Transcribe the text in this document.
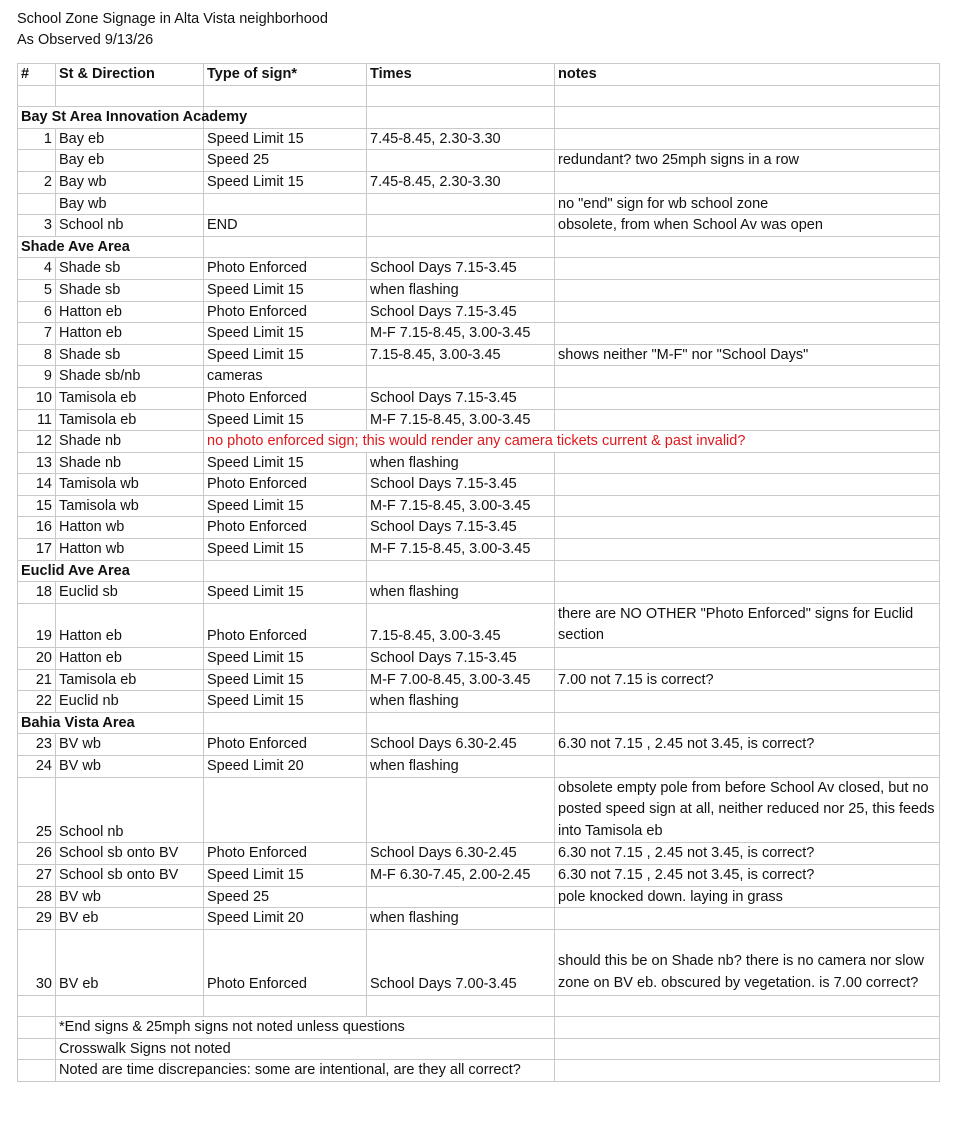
School Zone Signage in Alta Vista neighborhood
As Observed 9/13/26
#	St & Direction	Type of sign*	Times	notes

Bay St Area Innovation Academy				
1	Bay eb	Speed Limit 15	7.45-8.45, 2.30-3.30	
	Bay eb	Speed 25		redundant? two 25mph signs in a row
2	Bay wb	Speed Limit 15	7.45-8.45, 2.30-3.30	
	Bay wb			no "end" sign for wb school zone
3	School nb	END		obsolete, from when School Av was open
Shade Ave Area				
4	Shade sb	Photo Enforced	School Days 7.15-3.45	
5	Shade sb	Speed Limit 15	when flashing	
6	Hatton eb	Photo Enforced	School Days 7.15-3.45	
7	Hatton eb	Speed Limit 15	M-F 7.15-8.45, 3.00-3.45	
8	Shade sb	Speed Limit 15	7.15-8.45, 3.00-3.45	shows neither "M-F" nor "School Days"
9	Shade sb/nb	cameras		
10	Tamisola eb	Photo Enforced	School Days 7.15-3.45	
11	Tamisola eb	Speed Limit 15	M-F 7.15-8.45, 3.00-3.45	
12	Shade nb	no photo enforced sign; this would render any camera tickets current & past invalid?		
13	Shade nb	Speed Limit 15	when flashing	
14	Tamisola wb	Photo Enforced	School Days 7.15-3.45	
15	Tamisola wb	Speed Limit 15	M-F 7.15-8.45, 3.00-3.45	
16	Hatton wb	Photo Enforced	School Days 7.15-3.45	
17	Hatton wb	Speed Limit 15	M-F 7.15-8.45, 3.00-3.45	
Euclid Ave Area				
18	Euclid sb	Speed Limit 15	when flashing	
19	Hatton eb	Photo Enforced	7.15-8.45, 3.00-3.45	there are NO OTHER "Photo Enforced" signs for Euclid section
20	Hatton eb	Speed Limit 15	School Days 7.15-3.45	
21	Tamisola eb	Speed Limit 15	M-F 7.00-8.45, 3.00-3.45	7.00 not 7.15 is correct?
22	Euclid nb	Speed Limit 15	when flashing	
Bahia Vista Area				
23	BV wb	Photo Enforced	School Days 6.30-2.45	6.30 not 7.15 , 2.45 not 3.45, is correct?
24	BV wb	Speed Limit 20	when flashing	
25	School nb			obsolete empty pole from before School Av closed, but no posted speed sign at all, neither reduced nor 25, this feeds into Tamisola eb
26	School sb onto BV	Photo Enforced	School Days 6.30-2.45	6.30 not 7.15 , 2.45 not 3.45, is correct?
27	School sb onto BV	Speed Limit 15	M-F 6.30-7.45, 2.00-2.45	6.30 not 7.15 , 2.45 not 3.45, is correct?
28	BV wb	Speed 25		pole knocked down. laying in grass
29	BV eb	Speed Limit 20	when flashing	
30	BV eb	Photo Enforced	School Days 7.00-3.45	should this be on Shade nb? there is no camera nor slow zone on BV eb. obscured by vegetation. is 7.00 correct?

	*End signs & 25mph signs not noted unless questions			
	Crosswalk Signs not noted			
	Noted are time discrepancies: some are intentional, are they all correct?			
